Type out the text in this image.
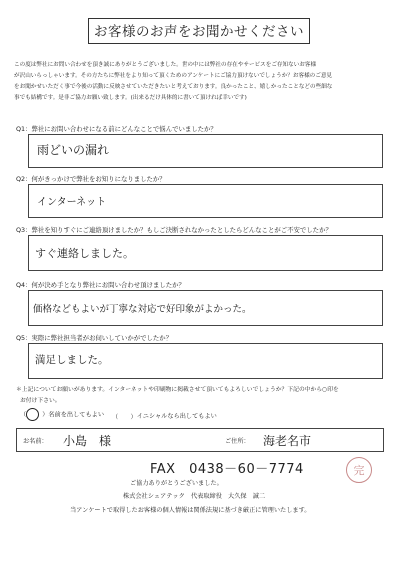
お客様のお声をお聞かせください
この度は弊社にお問い合わせを頂き誠にありがとうございました。世の中には弊社の存在やサービスをご存知ないお客様
が沢山いらっしゃいます。その方たちに弊社をより知って頂くためのアンケートにご協力頂けないでしょうか？お客様のご意見
をお聞かせいただく事で今後の活動に反映させていただきたいと考えております。良かったこと、嬉しかったことなどの些細な
事でも結構です。是非ご協力お願い致します。(出来るだけ具体的に書いて頂ければ幸いです)
Q1：弊社にお問い合わせになる前にどんなことで悩んでいましたか？
雨どいの漏れ
Q2：何がきっかけで弊社をお知りになりましたか？
インターネット
Q3：弊社を知りすぐにご連絡頂けましたか？もしご決断されなかったとしたらどんなことがご不安でしたか？
すぐ連絡しました。
Q4：何が決め手となり弊社にお問い合わせ頂けましたか？
価格などもよいが丁寧な対応で好印象がよかった。
Q5：実際に弊社担当者がお伺いしていかがでしたか？
満足しました。
＊上記についてお願いがあります。インターネットや印刷物に掲載させて頂いてもよろしいでしょうか？下記の中から○印を
お付け下さい。
（○ ）名前を出してもよい （　　）イニシャルなら出してもよい
お名前： 小島　様	ご住所： 海老名市
FAX　0438－60－7774	完
ご協力ありがとうございました。
株式会社シェアテック　代表取締役　大久保　誠二
当アンケートで取得したお客様の個人情報は関係法規に基づき厳正に管理いたします。
